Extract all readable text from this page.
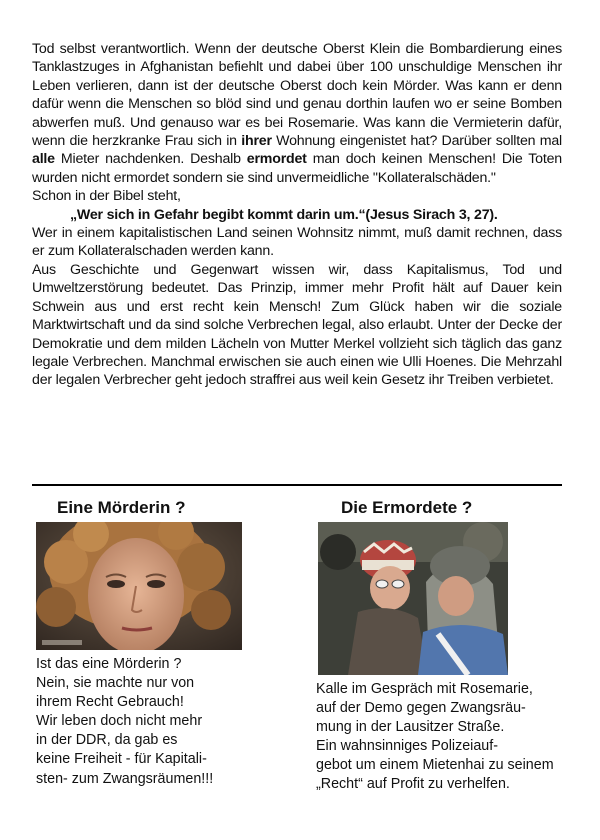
Tod selbst verantwortlich. Wenn der deutsche Oberst Klein die Bombardierung eines Tanklastzuges in Afghanistan befiehlt und dabei über 100 unschuldige Menschen ihr Leben verlieren, dann ist der deutsche Oberst doch kein Mörder. Was kann er denn dafür wenn die Menschen so blöd sind und genau dorthin laufen wo er seine Bomben abwerfen muß. Und genauso war es bei Rosemarie. Was kann die Vermieterin dafür, wenn die herzkranke Frau sich in ihrer Wohnung eingenistet hat? Darüber sollten mal alle Mieter nachdenken. Deshalb ermordet man doch keinen Menschen! Die Toten wurden nicht ermordet sondern sie sind unvermeidliche "Kollateralschäden."

Schon in der Bibel steht,

„Wer sich in Gefahr begibt kommt darin um.“(Jesus Sirach 3, 27).

Wer in einem kapitalistischen Land seinen Wohnsitz nimmt, muß damit rechnen, dass er zum Kollateralschaden werden kann.

Aus Geschichte und Gegenwart wissen wir, dass Kapitalismus, Tod und Umweltzerstörung bedeutet. Das Prinzip, immer mehr Profit hält auf Dauer kein Schwein aus und erst recht kein Mensch! Zum Glück haben wir die soziale Marktwirtschaft und da sind solche Verbrechen legal, also erlaubt. Unter der Decke der Demokratie und dem milden Lächeln von Mutter Merkel vollzieht sich täglich das ganz legale Verbrechen. Manchmal erwischen sie auch einen wie Ulli Hoenes. Die Mehrzahl der legalen Verbrecher geht jedoch straffrei aus weil kein Gesetz ihr Treiben verbietet.

Eine Mörderin ?
Ist das eine Mörderin ?
Nein, sie machte nur von
ihrem Recht Gebrauch!
Wir leben doch nicht mehr
in der DDR, da gab es
keine Freiheit - für Kapitali-
sten- zum Zwangsräumen!!!
Die Ermordete ?
Kalle im Gespräch mit Rosemarie,
auf der Demo gegen Zwangsräu-
mung in der Lausitzer Straße.
Ein wahnsinniges Polizeiauf-
gebot um einem Mietenhai zu seinem
„Recht“ auf Profit zu verhelfen.
